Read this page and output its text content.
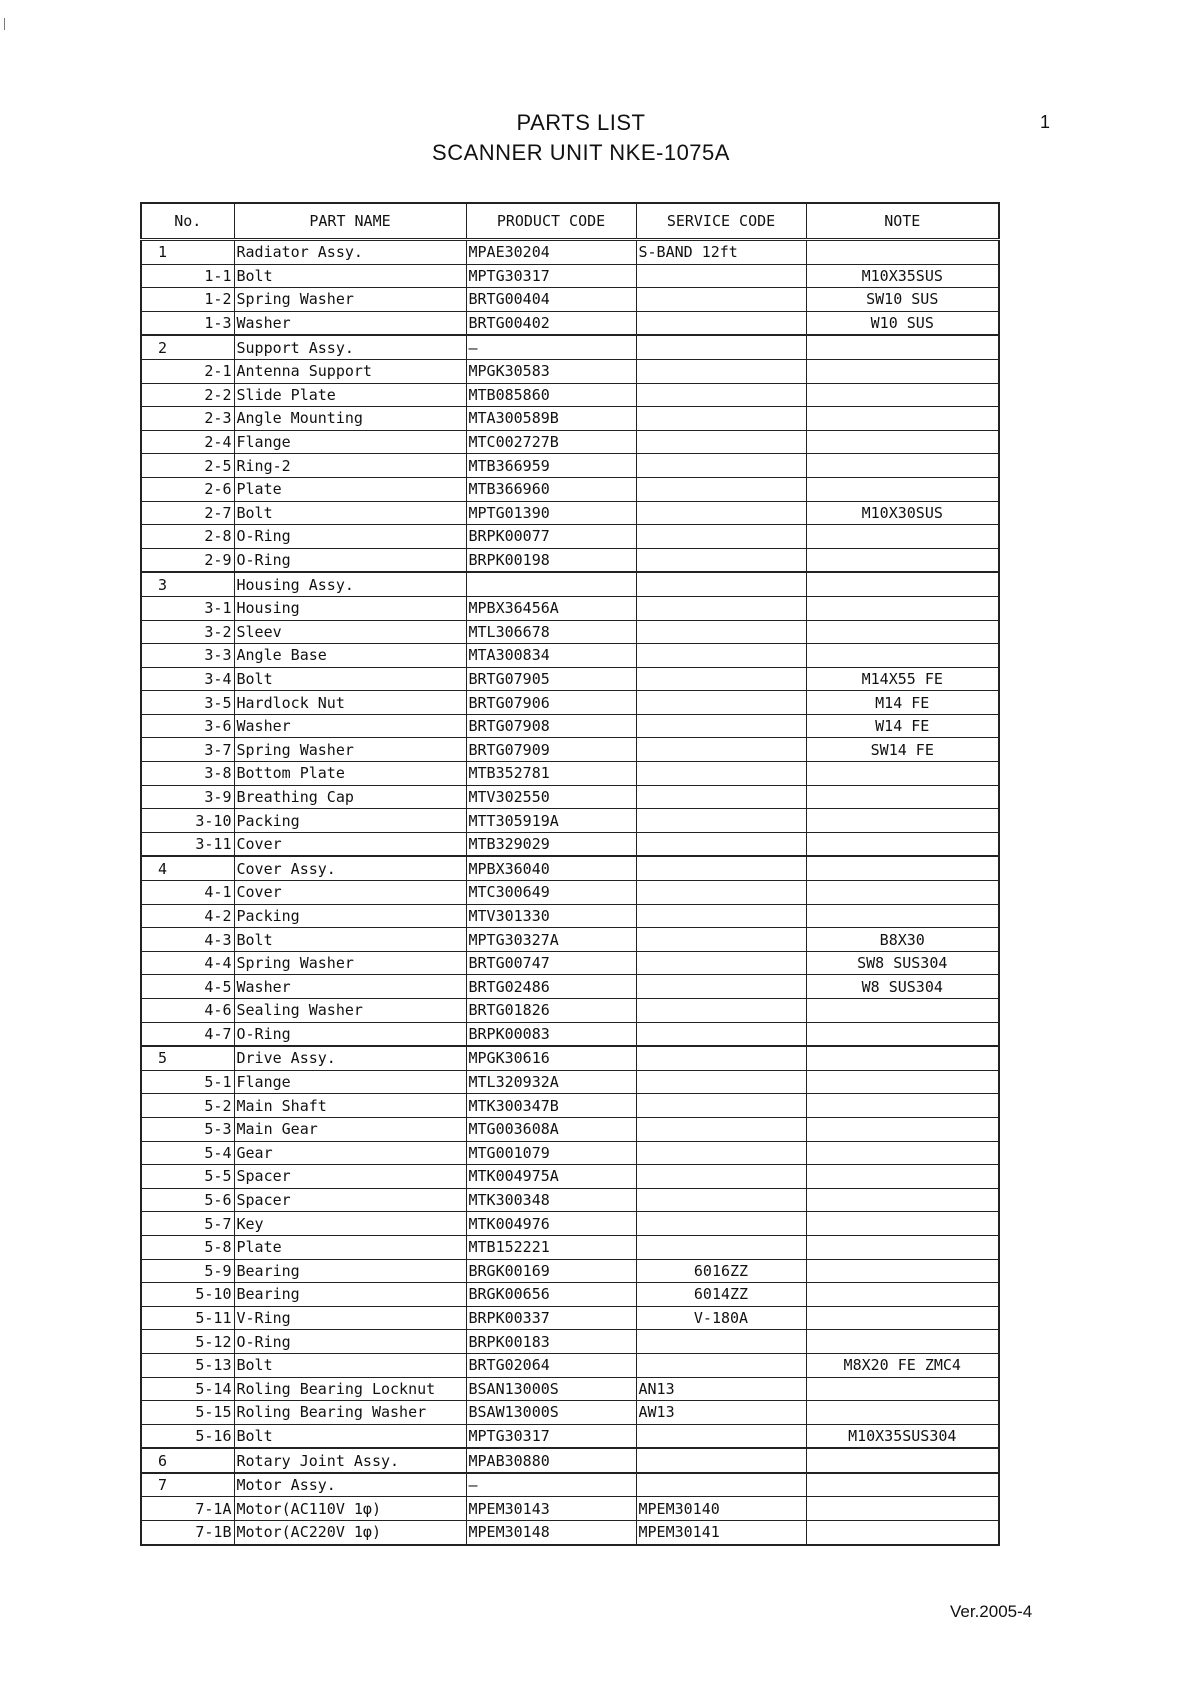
PARTS LIST
SCANNER UNIT NKE-1075A
1
No.	PART NAME	PRODUCT CODE	SERVICE CODE	NOTE
1	Radiator Assy.	MPAE30204	S-BAND 12ft	
1-1	Bolt	MPTG30317		M10X35SUS
1-2	Spring Washer	BRTG00404		SW10 SUS
1-3	Washer	BRTG00402		W10 SUS
2	Support Assy.	—		
2-1	Antenna Support	MPGK30583		
2-2	Slide Plate	MTB085860		
2-3	Angle Mounting	MTA300589B		
2-4	Flange	MTC002727B		
2-5	Ring-2	MTB366959		
2-6	Plate	MTB366960		
2-7	Bolt	MPTG01390		M10X30SUS
2-8	O-Ring	BRPK00077		
2-9	O-Ring	BRPK00198		
3	Housing Assy.			
3-1	Housing	MPBX36456A		
3-2	Sleev	MTL306678		
3-3	Angle Base	MTA300834		
3-4	Bolt	BRTG07905		M14X55 FE
3-5	Hardlock Nut	BRTG07906		M14 FE
3-6	Washer	BRTG07908		W14 FE
3-7	Spring Washer	BRTG07909		SW14 FE
3-8	Bottom Plate	MTB352781		
3-9	Breathing Cap	MTV302550		
3-10	Packing	MTT305919A		
3-11	Cover	MTB329029		
4	Cover Assy.	MPBX36040		
4-1	Cover	MTC300649		
4-2	Packing	MTV301330		
4-3	Bolt	MPTG30327A		B8X30
4-4	Spring Washer	BRTG00747		SW8 SUS304
4-5	Washer	BRTG02486		W8 SUS304
4-6	Sealing Washer	BRTG01826		
4-7	O-Ring	BRPK00083		
5	Drive Assy.	MPGK30616		
5-1	Flange	MTL320932A		
5-2	Main Shaft	MTK300347B		
5-3	Main Gear	MTG003608A		
5-4	Gear	MTG001079		
5-5	Spacer	MTK004975A		
5-6	Spacer	MTK300348		
5-7	Key	MTK004976		
5-8	Plate	MTB152221		
5-9	Bearing	BRGK00169	6016ZZ	
5-10	Bearing	BRGK00656	6014ZZ	
5-11	V-Ring	BRPK00337	V-180A	
5-12	O-Ring	BRPK00183		
5-13	Bolt	BRTG02064		M8X20 FE ZMC4
5-14	Roling Bearing Locknut	BSAN13000S	AN13	
5-15	Roling Bearing Washer	BSAW13000S	AW13	
5-16	Bolt	MPTG30317		M10X35SUS304
6	Rotary Joint Assy.	MPAB30880		
7	Motor Assy.	—		
7-1A	Motor(AC110V 1φ)	MPEM30143	MPEM30140	
7-1B	Motor(AC220V 1φ)	MPEM30148	MPEM30141	
Ver.2005-4
